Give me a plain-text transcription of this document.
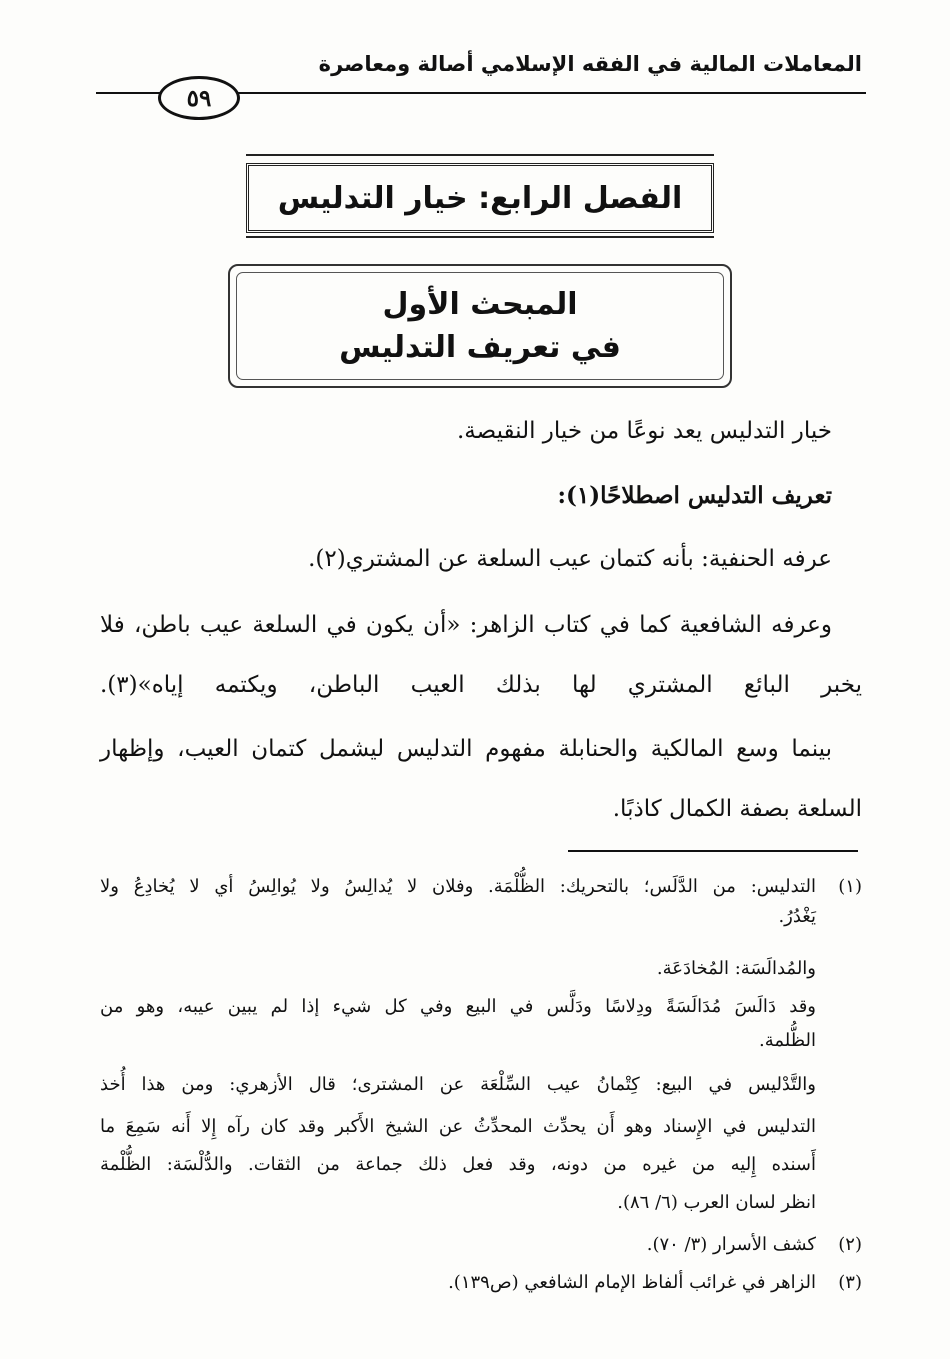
المعاملات المالية في الفقه الإسلامي أصالة ومعاصرة
٥٩
الفصل الرابع: خيار التدليس
المبحث الأول
في تعريف التدليس
خيار التدليس يعد نوعًا من خيار النقيصة.
تعريف التدليس اصطلاحًا(١):
عرفه الحنفية: بأنه كتمان عيب السلعة عن المشتري(٢).
وعرفه الشافعية كما في كتاب الزاهر: «أن يكون في السلعة عيب باطن، فلا
يخبر البائع المشتري لها بذلك العيب الباطن، ويكتمه إياه»(٣).
بينما وسع المالكية والحنابلة مفهوم التدليس ليشمل كتمان العيب، وإظهار
السلعة بصفة الكمال كاذبًا.
(١)
التدليس: من الدَّلَس؛ بالتحريك: الظُّلْمَة. وفلان لا يُدالِسُ ولا يُوالِسُ أي لا يُخادِعُ ولا
يَغْدُرُ.
والمُدالَسَة: المُخادَعَة.
وقد دَالَسَ مُدَالَسَةً ودِلاسًا ودَلَّس في البيع وفي كل شيء إذا لم يبين عيبه، وهو من
الظُّلمة.
والتَّدْليس في البيع: كِتْمانُ عيب السِّلْعَة عن المشترى؛ قال الأزهري: ومن هذا أُخذ
التدليس في الإِسناد وهو أَن يحدِّث المحدِّثُ عن الشيخ الأَكبر وقد كان رآه إِلا أَنه سَمِعَ ما
أَسنده إِليه من غيره من دونه، وقد فعل ذلك جماعة من الثقات. والدُّلْسَة: الظُّلْمة
انظر لسان العرب (٦/ ٨٦).
(٢)
كشف الأسرار (٣/ ٧٠).
(٣)
الزاهر في غرائب ألفاظ الإمام الشافعي (ص١٣٩).
